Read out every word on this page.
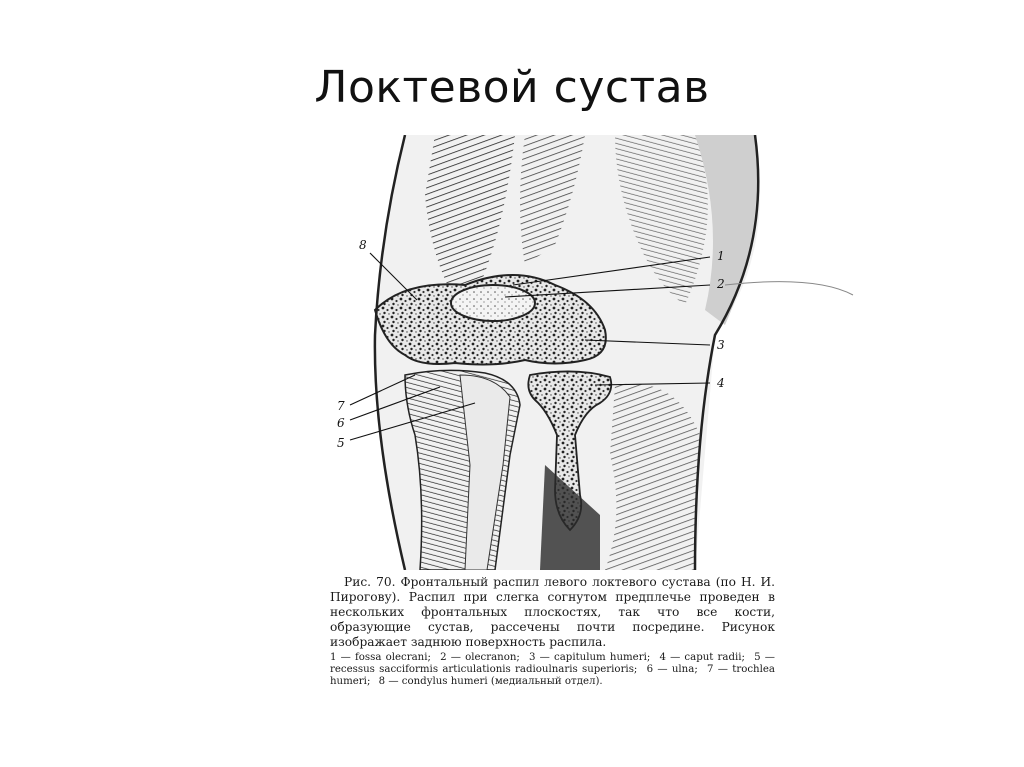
Локтевой сустав
1
2
3
4
5
6
7
8

Рис. 70. Фронтальный распил левого локтевого сустава (по Н. И. Пирогову). Распил при слегка согнутом предплечье проведен в нескольких фронтальных плоскостях, так что все кости, образующие сустав, рассечены почти посредине. Рисунок изображает заднюю поверхность распила.

1 — fossa olecrani; 2 — olecranon; 3 — capitulum humeri; 4 — caput radii; 5 — recessus sacciformis articulationis radioulnaris superioris; 6 — ulna; 7 — trochlea humeri; 8 — condylus humeri (медиальный отдел).
